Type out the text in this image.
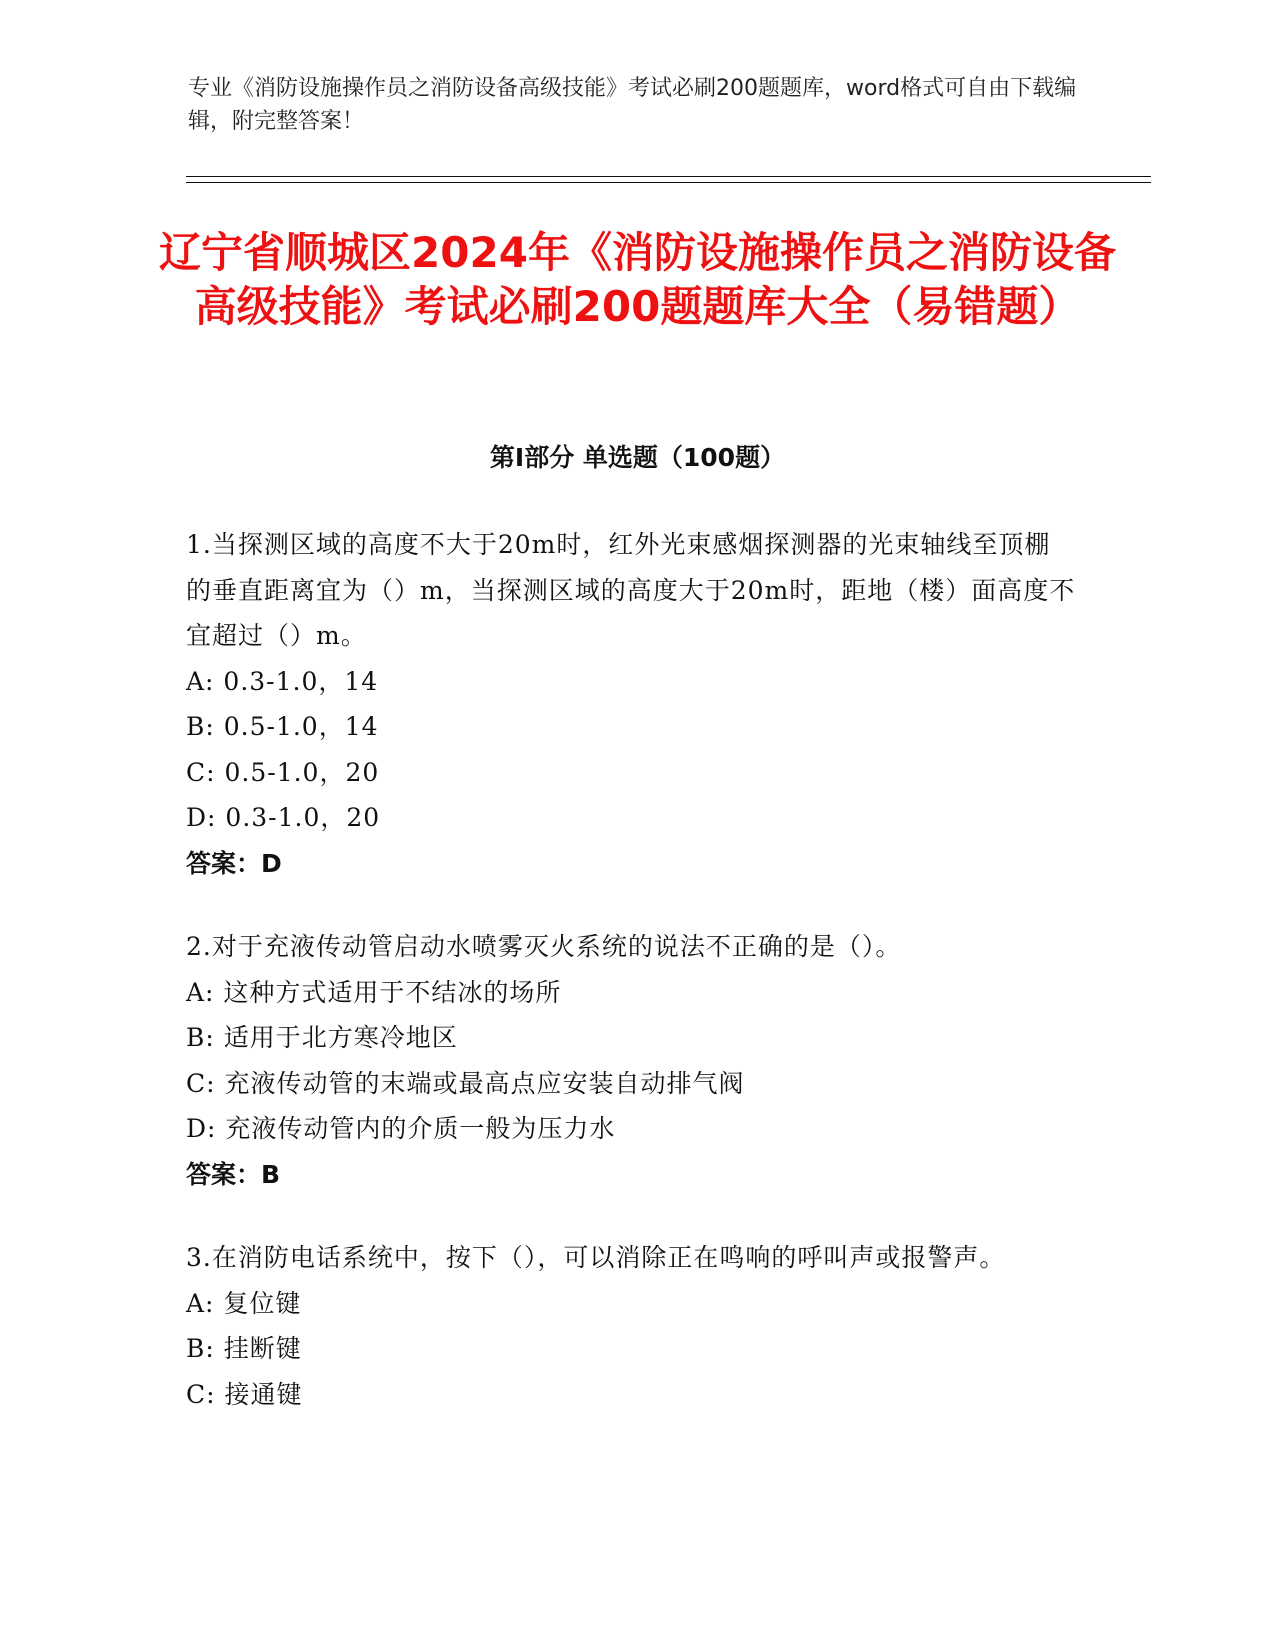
专业《消防设施操作员之消防设备高级技能》考试必刷200题题库，word格式可自由下载编辑，附完整答案！
辽宁省顺城区2024年《消防设施操作员之消防设备高级技能》考试必刷200题题库大全（易错题）
第I部分 单选题（100题）
1.当探测区域的高度不大于20m时，红外光束感烟探测器的光束轴线至顶棚的垂直距离宜为（）m，当探测区域的高度大于20m时，距地（楼）面高度不宜超过（）m。
A: 0.3-1.0，14
B: 0.5-1.0，14
C: 0.5-1.0，20
D: 0.3-1.0，20
答案：D
2.对于充液传动管启动水喷雾灭火系统的说法不正确的是（）。
A: 这种方式适用于不结冰的场所
B: 适用于北方寒冷地区
C: 充液传动管的末端或最高点应安装自动排气阀
D: 充液传动管内的介质一般为压力水
答案：B
3.在消防电话系统中，按下（），可以消除正在鸣响的呼叫声或报警声。
A: 复位键
B: 挂断键
C: 接通键
